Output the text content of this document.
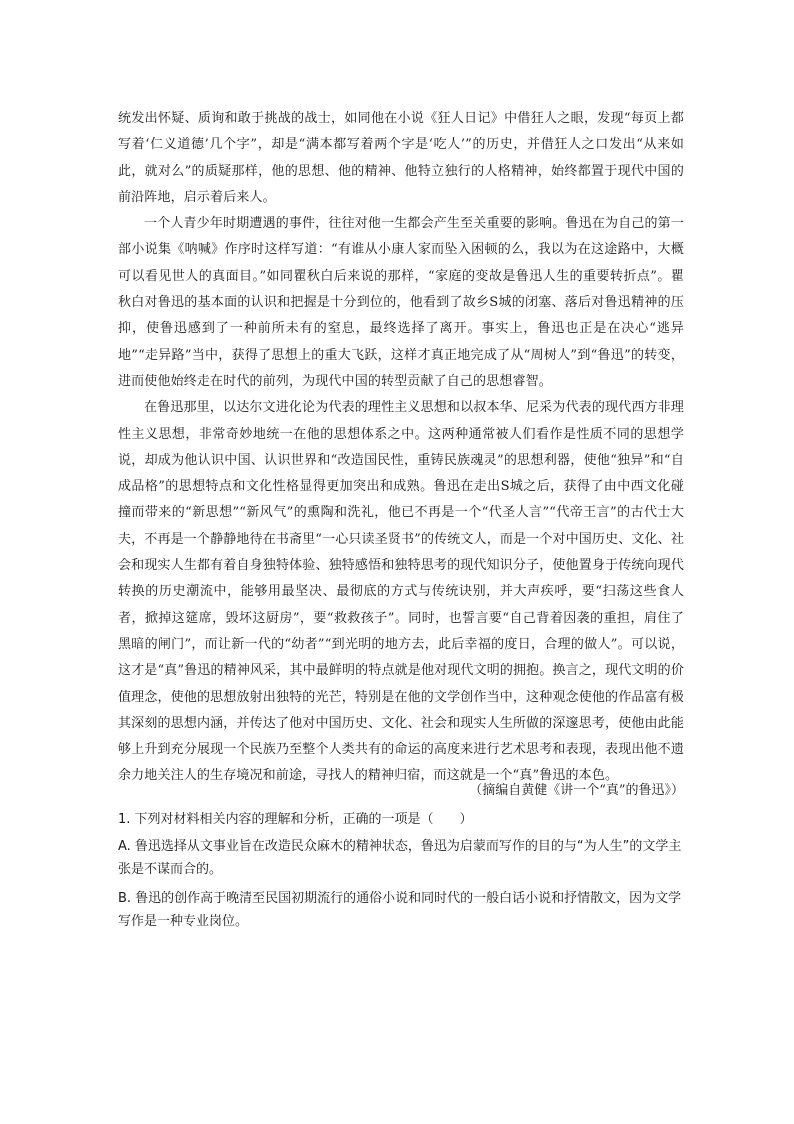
统发出怀疑、质询和敢于挑战的战士，如同他在小说《狂人日记》中借狂人之眼，发现“每页上都写着‘仁义道德’几个字”，却是“满本都写着两个字是‘吃人’”的历史，并借狂人之口发出“从来如此，就对么”的质疑那样，他的思想、他的精神、他特立独行的人格精神，始终都置于现代中国的前沿阵地，启示着后来人。

一个人青少年时期遭遇的事件，往往对他一生都会产生至关重要的影响。鲁迅在为自己的第一部小说集《呐喊》作序时这样写道：“有谁从小康人家而坠入困顿的么，我以为在这途路中，大概可以看见世人的真面目。”如同瞿秋白后来说的那样，“家庭的变故是鲁迅人生的重要转折点”。瞿秋白对鲁迅的基本面的认识和把握是十分到位的，他看到了故乡S城的闭塞、落后对鲁迅精神的压抑，使鲁迅感到了一种前所未有的窒息，最终选择了离开。事实上，鲁迅也正是在决心“逃异地”“走异路”当中，获得了思想上的重大飞跃，这样才真正地完成了从“周树人”到“鲁迅”的转变，进而使他始终走在时代的前列，为现代中国的转型贡献了自己的思想睿智。

在鲁迅那里，以达尔文进化论为代表的理性主义思想和以叔本华、尼采为代表的现代西方非理性主义思想，非常奇妙地统一在他的思想体系之中。这两种通常被人们看作是性质不同的思想学说，却成为他认识中国、认识世界和“改造国民性，重铸民族魂灵”的思想利器，使他“独异”和“自成品格”的思想特点和文化性格显得更加突出和成熟。鲁迅在走出S城之后，获得了由中西文化碰撞而带来的“新思想”“新风气”的熏陶和洗礼，他已不再是一个“代圣人言”“代帝王言”的古代士大夫，不再是一个静静地待在书斋里“一心只读圣贤书”的传统文人，而是一个对中国历史、文化、社会和现实人生都有着自身独特体验、独特感悟和独特思考的现代知识分子，使他置身于传统向现代转换的历史潮流中，能够用最坚决、最彻底的方式与传统诀别，并大声疾呼，要“扫荡这些食人者，掀掉这筵席，毁坏这厨房”，要“救救孩子”。同时，也誓言要“自己背着因袭的重担，肩住了黑暗的闸门”，而让新一代的“幼者”“到光明的地方去，此后幸福的度日，合理的做人”。可以说，这才是“真”鲁迅的精神风采，其中最鲜明的特点就是他对现代文明的拥抱。换言之，现代文明的价值理念，使他的思想放射出独特的光芒，特别是在他的文学创作当中，这种观念使他的作品富有极其深刻的思想内涵，并传达了他对中国历史、文化、社会和现实人生所做的深邃思考，使他由此能够上升到充分展现一个民族乃至整个人类共有的命运的高度来进行艺术思考和表现，表现出他不遗余力地关注人的生存境况和前途，寻找人的精神归宿，而这就是一个“真”鲁迅的本色。

（摘编自黄健《讲一个“真”的鲁迅》）

1. 下列对材料相关内容的理解和分析，正确的一项是（　　）

A. 鲁迅选择从文事业旨在改造民众麻木的精神状态，鲁迅为启蒙而写作的目的与“为人生”的文学主张是不谋而合的。

B. 鲁迅的创作高于晚清至民国初期流行的通俗小说和同时代的一般白话小说和抒情散文，因为文学写作是一种专业岗位。
